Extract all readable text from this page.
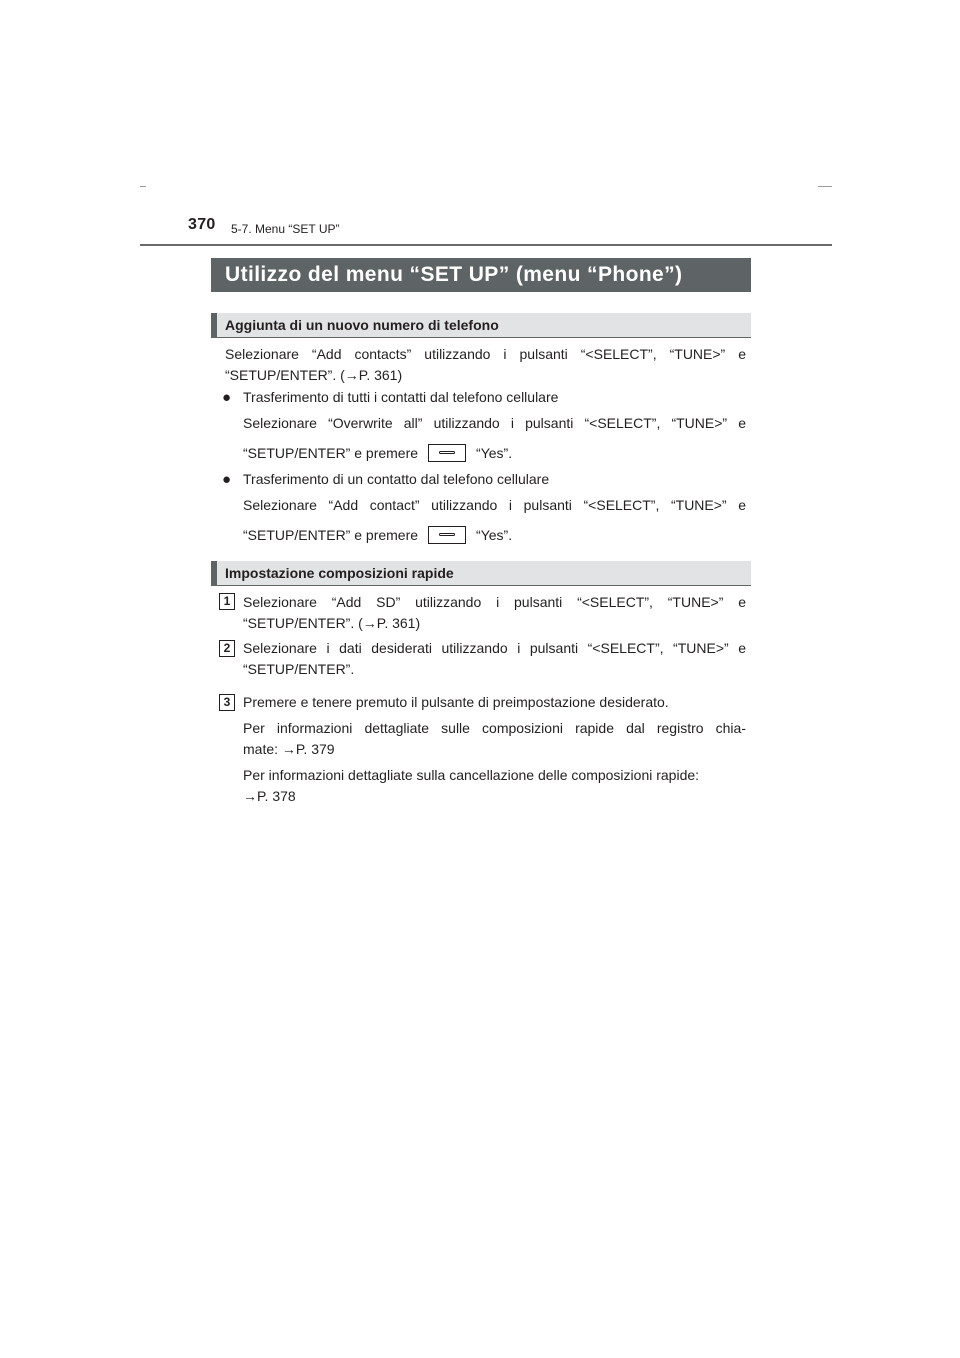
370 5-7. Menu “SET UP”
Utilizzo del menu “SET UP” (menu “Phone”)
Aggiunta di un nuovo numero di telefono
Selezionare “Add contacts” utilizzando i pulsanti “<SELECT”, “TUNE>” e
“SETUP/ENTER”. (→P. 361)
● Trasferimento di tutti i contatti dal telefono cellulare
Selezionare “Overwrite all” utilizzando i pulsanti “<SELECT”, “TUNE>” e
“SETUP/ENTER” e premere	“Yes”.
● Trasferimento di un contatto dal telefono cellulare
Selezionare “Add contact” utilizzando i pulsanti “<SELECT”, “TUNE>” e
“SETUP/ENTER” e premere	“Yes”.
Impostazione composizioni rapide
1 Selezionare “Add SD” utilizzando i pulsanti “<SELECT”, “TUNE>” e
“SETUP/ENTER”. (→P. 361)
2 Selezionare i dati desiderati utilizzando i pulsanti “<SELECT”, “TUNE>” e
“SETUP/ENTER”.
3 Premere e tenere premuto il pulsante di preimpostazione desiderato.
Per informazioni dettagliate sulle composizioni rapide dal registro chia-
mate: →P. 379
Per informazioni dettagliate sulla cancellazione delle composizioni rapide:
→P. 378
